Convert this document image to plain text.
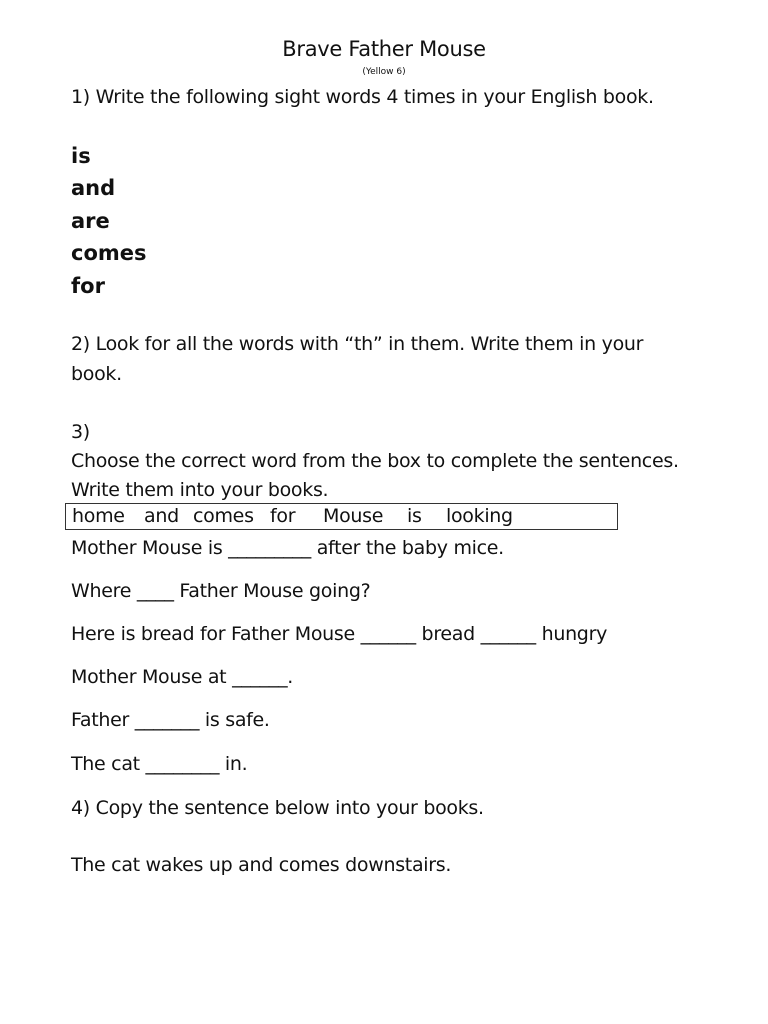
Brave Father Mouse
(Yellow 6)
1) Write the following sight words 4 times in your English book.
is
and
are
comes
for
2) Look for all the words with “th” in them. Write them in your
book.
3)
Choose the correct word from the box to complete the sentences.
Write them into your books.
home and comes for Mouse is looking
Mother Mouse is _________ after the baby mice.
Where ____ Father Mouse going?
Here is bread for Father Mouse ______ bread ______ hungry
Mother Mouse at ______.
Father _______ is safe.
The cat ________ in.
4) Copy the sentence below into your books.
The cat wakes up and comes downstairs.
